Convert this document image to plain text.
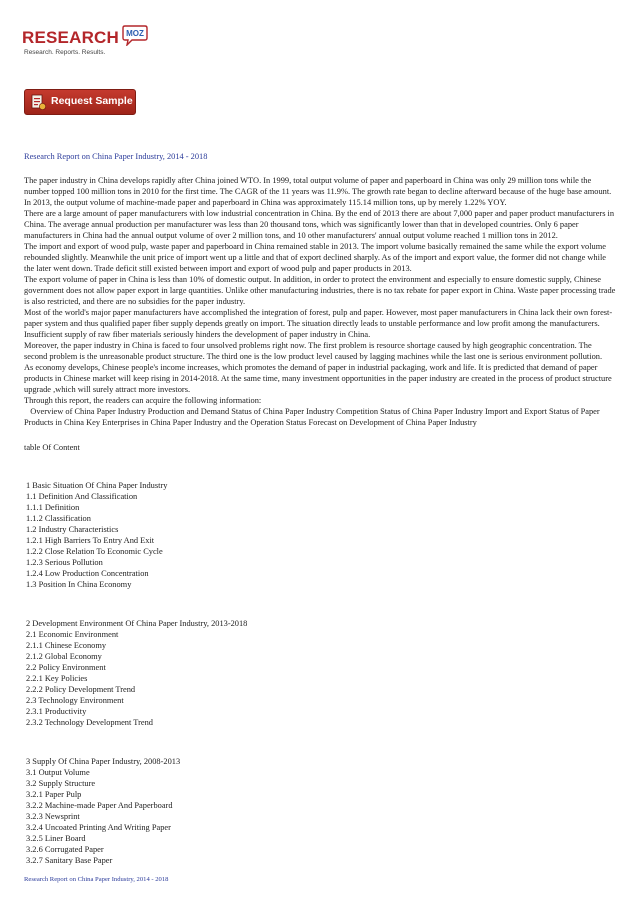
RESEARCH MOZ
Research. Reports. Results.
Request Sample
Research Report on China Paper Industry, 2014 - 2018

The paper industry in China develops rapidly after China joined WTO. In 1999, total output volume of paper and paperboard in China was only 29 million tons while the number topped 100 million tons in 2010 for the first time. The CAGR of the 11 years was 11.9%. The growth rate began to decline afterward because of the huge base amount. In 2013, the output volume of machine-made paper and paperboard in China was approximately 115.14 million tons, up by merely 1.22% YOY.

There are a large amount of paper manufacturers with low industrial concentration in China. By the end of 2013 there are about 7,000 paper and paper product manufacturers in China. The average annual production per manufacturer was less than 20 thousand tons, which was significantly lower than that in developed countries. Only 6 paper manufacturers in China had the annual output volume of over 2 million tons, and 10 other manufacturers' annual output volume reached 1 million tons in 2012.

The import and export of wood pulp, waste paper and paperboard in China remained stable in 2013. The import volume basically remained the same while the export volume rebounded slightly. Meanwhile the unit price of import went up a little and that of export declined sharply. As of the import and export value, the former did not change while the later went down. Trade deficit still existed between import and export of wood pulp and paper products in 2013.

The export volume of paper in China is less than 10% of domestic output. In addition, in order to protect the environment and especially to ensure domestic supply, Chinese government does not allow paper export in large quantities. Unlike other manufacturing industries, there is no tax rebate for paper export in China. Waste paper processing trade is also restricted, and there are no subsidies for the paper industry.

Most of the world's major paper manufacturers have accomplished the integration of forest, pulp and paper. However, most paper manufacturers in China lack their own forest-paper system and thus qualified paper fiber supply depends greatly on import. The situation directly leads to unstable performance and low profit among the manufacturers. Insufficient supply of raw fiber materials seriously hinders the development of paper industry in China.

Moreover, the paper industry in China is faced to four unsolved problems right now. The first problem is resource shortage caused by high geographic concentration. The second problem is the unreasonable product structure. The third one is the low product level caused by lagging machines while the last one is serious environment pollution.

As economy develops, Chinese people's income increases, which promotes the demand of paper in industrial packaging, work and life. It is predicted that demand of paper products in Chinese market will keep rising in 2014-2018. At the same time, many investment opportunities in the paper industry are created in the process of product structure upgrade ,which will surely attract more investors.

Through this report, the readers can acquire the following information:

Overview of China Paper Industry Production and Demand Status of China Paper Industry Competition Status of China Paper Industry Import and Export Status of Paper Products in China Key Enterprises in China Paper Industry and the Operation Status Forecast on Development of China Paper Industry

table Of Content
1 Basic Situation Of China Paper Industry
1.1 Definition And Classification
1.1.1 Definition
1.1.2 Classification
1.2 Industry Characteristics
1.2.1 High Barriers To Entry And Exit
1.2.2 Close Relation To Economic Cycle
1.2.3 Serious Pollution
1.2.4 Low Production Concentration
1.3 Position In China Economy
2 Development Environment Of China Paper Industry, 2013-2018
2.1 Economic Environment
2.1.1 Chinese Economy
2.1.2 Global Economy
2.2 Policy Environment
2.2.1 Key Policies
2.2.2 Policy Development Trend
2.3 Technology Environment
2.3.1 Productivity
2.3.2 Technology Development Trend
3 Supply Of China Paper Industry, 2008-2013
3.1 Output Volume
3.2 Supply Structure
3.2.1 Paper Pulp
3.2.2 Machine-made Paper And Paperboard
3.2.3 Newsprint
3.2.4 Uncoated Printing And Writing Paper
3.2.5 Liner Board
3.2.6 Corrugated Paper
3.2.7 Sanitary Base Paper
Research Report on China Paper Industry, 2014 - 2018
